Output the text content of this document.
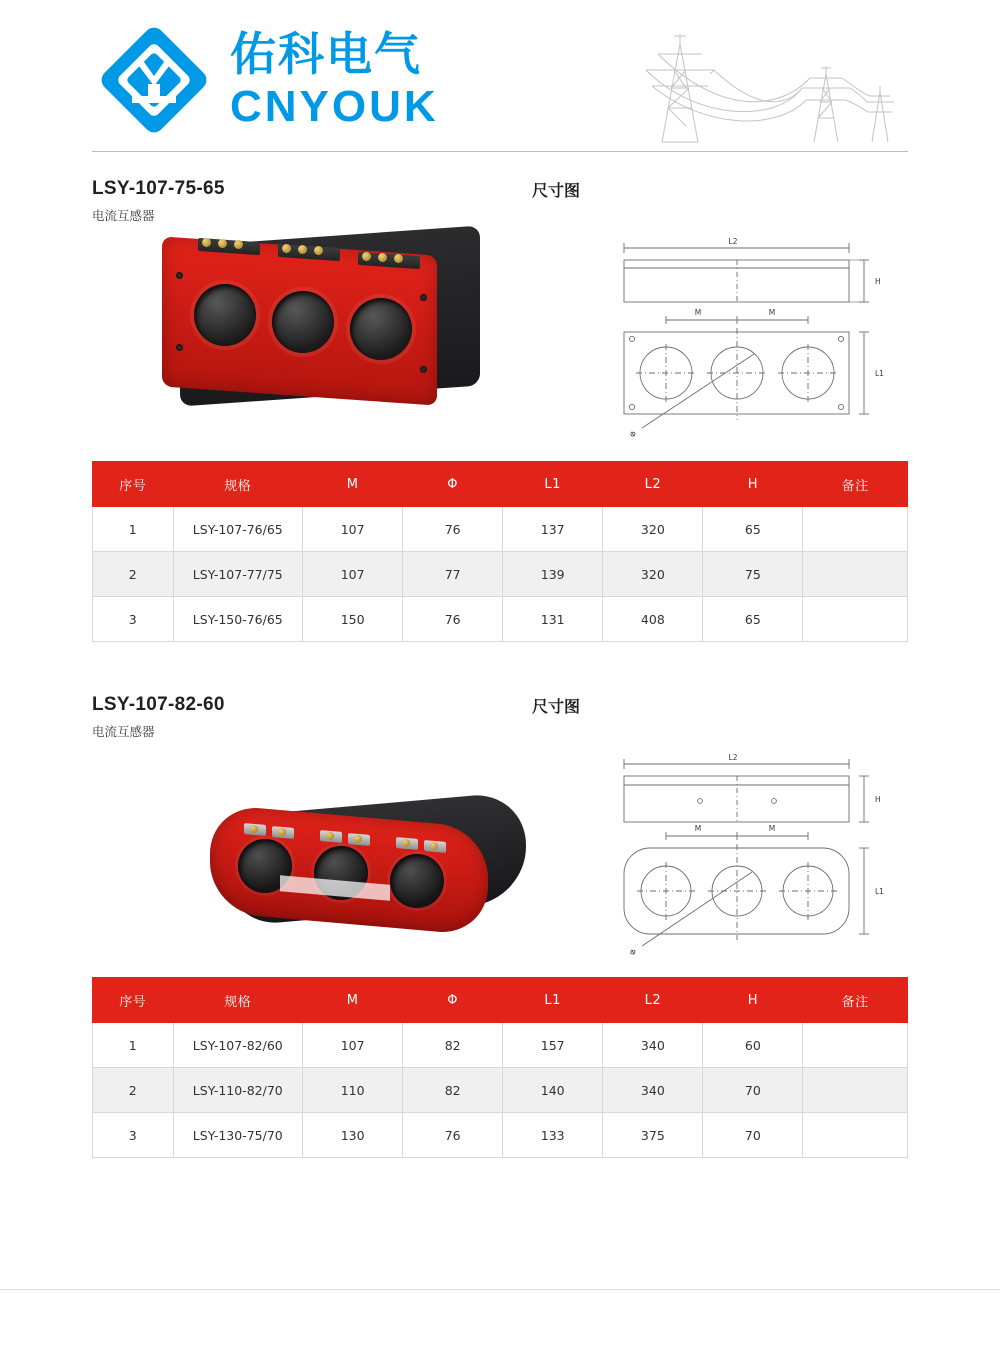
佑科电气
CNYOUK
LSY-107-75-65
电流互感器
尺寸图
L2
H
M	M
L1
Φ
序号	规格	M	Φ	L1	L2	H	备注
1	LSY-107-76/65	107	76	137	320	65	
2	LSY-107-77/75	107	77	139	320	75	
3	LSY-150-76/65	150	76	131	408	65	
LSY-107-82-60
电流互感器
尺寸图
L2
H
M	M
L1
Φ
序号	规格	M	Φ	L1	L2	H	备注
1	LSY-107-82/60	107	82	157	340	60	
2	LSY-110-82/70	110	82	140	340	70	
3	LSY-130-75/70	130	76	133	375	70	
